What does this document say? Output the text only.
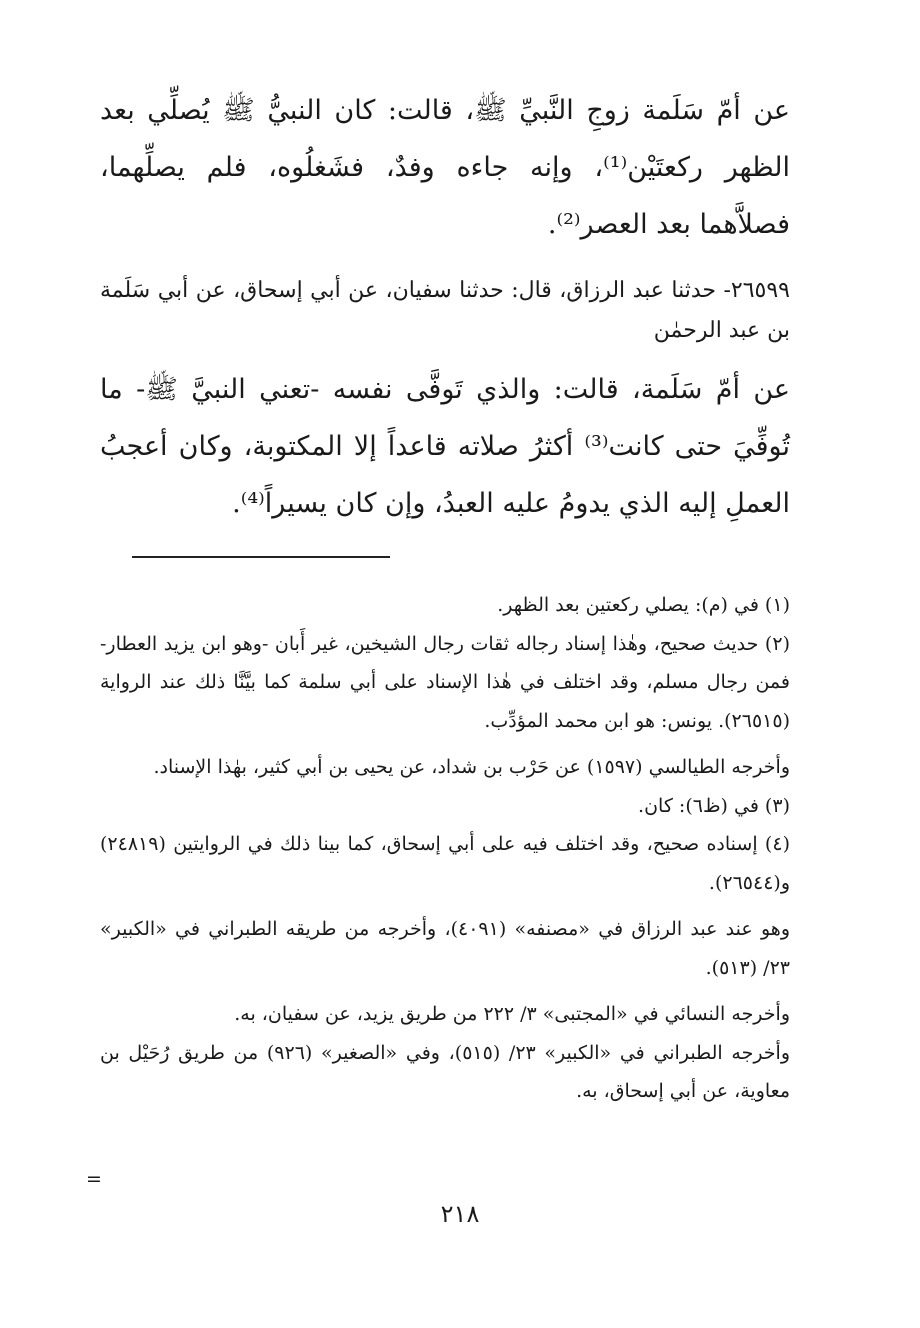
عن أمّ سَلَمة زوجِ النَّبيِّ ﷺ، قالت: كان النبيُّ ﷺ يُصلِّي بعد الظهر ركعتَيْن⁽¹⁾، وإنه جاءه وفدٌ، فشَغلُوه، فلم يصلِّهما، فصلاَّهما بعد العصر⁽²⁾.

٢٦٥٩٩- حدثنا عبد الرزاق، قال: حدثنا سفيان، عن أبي إسحاق، عن أبي سَلَمة بن عبد الرحمٰن

عن أمّ سَلَمة، قالت: والذي تَوفَّى نفسه -تعني النبيَّ ﷺ- ما تُوفِّيَ حتى كانت⁽³⁾ أكثرُ صلاته قاعداً إلا المكتوبة، وكان أعجبُ العملِ إليه الذي يدومُ عليه العبدُ، وإن كان يسيراً⁽⁴⁾.

(١) في (م): يصلي ركعتين بعد الظهر.

(٢) حديث صحيح، وهٰذا إسناد رجاله ثقات رجال الشيخين، غير أَبان -وهو ابن يزيد العطار- فمن رجال مسلم، وقد اختلف في هٰذا الإسناد على أبي سلمة كما بيَّنَّا ذلك عند الرواية (٢٦٥١٥). يونس: هو ابن محمد المؤدِّب.

وأخرجه الطيالسي (١٥٩٧) عن حَرْب بن شداد، عن يحيى بن أبي كثير، بهٰذا الإسناد.

(٣) في (ظ٦): كان.

(٤) إسناده صحيح، وقد اختلف فيه على أبي إسحاق، كما بينا ذلك في الروايتين (٢٤٨١٩) و(٢٦٥٤٤).

وهو عند عبد الرزاق في «مصنفه» (٤٠٩١)، وأخرجه من طريقه الطبراني في «الكبير» ٢٣/ (٥١٣).

وأخرجه النسائي في «المجتبى» ٣/ ٢٢٢ من طريق يزيد، عن سفيان، به.

وأخرجه الطبراني في «الكبير» ٢٣/ (٥١٥)، وفي «الصغير» (٩٢٦) من طريق رُحَيْل بن معاوية، عن أبي إسحاق، به.

=
٢١٨
